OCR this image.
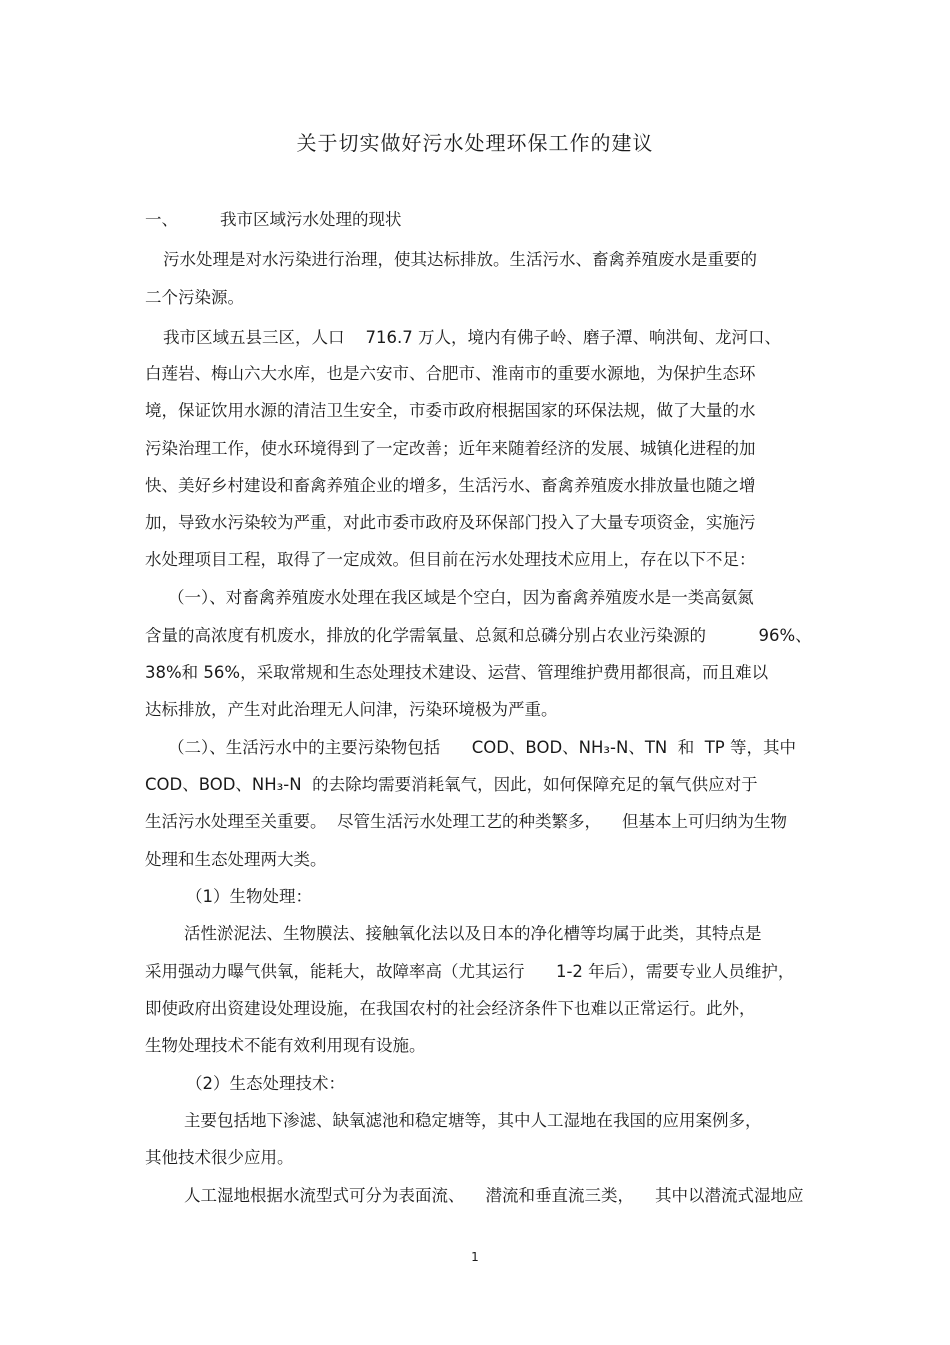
关于切实做好污水处理环保工作的建议
一、        我市区域污水处理的现状
污水处理是对水污染进行治理，使其达标排放。生活污水、畜禽养殖废水是重要的
二个污染源。
我市区域五县三区，人口    716.7 万人，境内有佛子岭、磨子潭、响洪甸、龙河口、
白莲岩、梅山六大水库，也是六安市、合肥市、淮南市的重要水源地，为保护生态环
境，保证饮用水源的清洁卫生安全，市委市政府根据国家的环保法规，做了大量的水
污染治理工作，使水环境得到了一定改善；近年来随着经济的发展、城镇化进程的加
快、美好乡村建设和畜禽养殖企业的增多，生活污水、畜禽养殖废水排放量也随之增
加，导致水污染较为严重，对此市委市政府及环保部门投入了大量专项资金，实施污
水处理项目工程，取得了一定成效。但目前在污水处理技术应用上，存在以下不足：
（一）、对畜禽养殖废水处理在我区域是个空白，因为畜禽养殖废水是一类高氨氮
含量的高浓度有机废水，排放的化学需氧量、总氮和总磷分别占农业污染源的          96%、
38%和 56%，采取常规和生态处理技术建设、运营、管理维护费用都很高，而且难以
达标排放，产生对此治理无人问津，污染环境极为严重。
（二）、生活污水中的主要污染物包括      COD、BOD、NH₃-N、TN  和  TP 等，其中
COD、BOD、NH₃-N  的去除均需要消耗氧气，因此，如何保障充足的氧气供应对于
生活污水处理至关重要。  尽管生活污水处理工艺的种类繁多，    但基本上可归纳为生物
处理和生态处理两大类。
（1）生物处理：
活性淤泥法、生物膜法、接触氧化法以及日本的净化槽等均属于此类，其特点是
采用强动力曝气供氧，能耗大，故障率高（尤其运行      1-2 年后），需要专业人员维护，
即使政府出资建设处理设施，在我国农村的社会经济条件下也难以正常运行。此外，
生物处理技术不能有效利用现有设施。
（2）生态处理技术：
主要包括地下渗滤、缺氧滤池和稳定塘等，其中人工湿地在我国的应用案例多，
其他技术很少应用。
人工湿地根据水流型式可分为表面流、    潜流和垂直流三类，    其中以潜流式湿地应
1
